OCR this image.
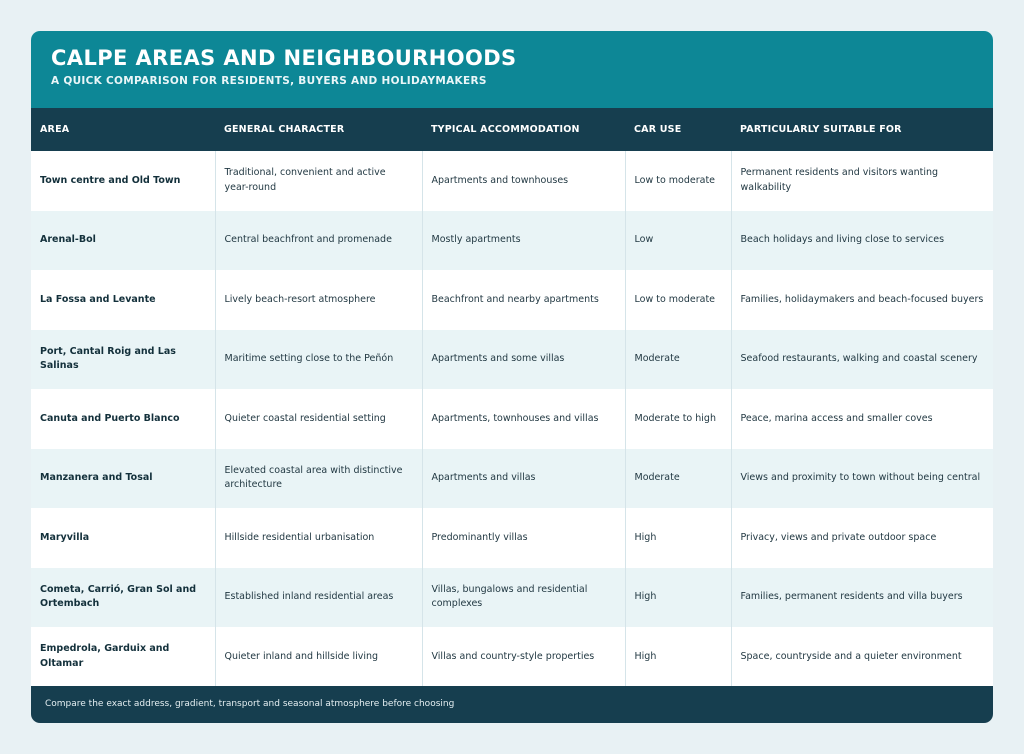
CALPE AREAS AND NEIGHBOURHOODS

A QUICK COMPARISON FOR RESIDENTS, BUYERS AND HOLIDAYMAKERS

AREA	GENERAL CHARACTER	TYPICAL ACCOMMODATION	CAR USE	PARTICULARLY SUITABLE FOR
Town centre and Old Town	Traditional, convenient and active year-round	Apartments and townhouses	Low to moderate	Permanent residents and visitors wanting walkability
Arenal-Bol	Central beachfront and promenade	Mostly apartments	Low	Beach holidays and living close to services
La Fossa and Levante	Lively beach-resort atmosphere	Beachfront and nearby apartments	Low to moderate	Families, holidaymakers and beach-focused buyers
Port, Cantal Roig and Las Salinas	Maritime setting close to the Peñón	Apartments and some villas	Moderate	Seafood restaurants, walking and coastal scenery
Canuta and Puerto Blanco	Quieter coastal residential setting	Apartments, townhouses and villas	Moderate to high	Peace, marina access and smaller coves
Manzanera and Tosal	Elevated coastal area with distinctive architecture	Apartments and villas	Moderate	Views and proximity to town without being central
Maryvilla	Hillside residential urbanisation	Predominantly villas	High	Privacy, views and private outdoor space
Cometa, Carrió, Gran Sol and Ortembach	Established inland residential areas	Villas, bungalows and residential complexes	High	Families, permanent residents and villa buyers
Empedrola, Garduix and Oltamar	Quieter inland and hillside living	Villas and country-style properties	High	Space, countryside and a quieter environment
Compare the exact address, gradient, transport and seasonal atmosphere before choosing
